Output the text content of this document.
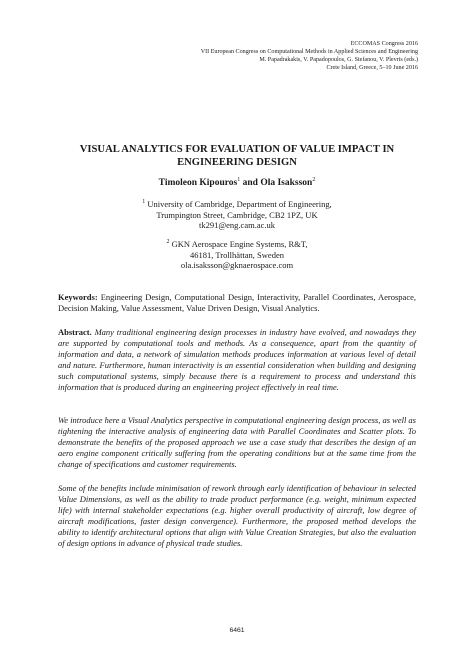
ECCOMAS Congress 2016
VII European Congress on Computational Methods in Applied Sciences and Engineering
M. Papadrakakis, V. Papadopoulos, G. Stefanou, V. Plevris (eds.)
Crete Island, Greece, 5–10 June 2016
VISUAL ANALYTICS FOR EVALUATION OF VALUE IMPACT IN
ENGINEERING DESIGN
Timoleon Kipouros$^1$ and Ola Isaksson$^2$
$^1$ University of Cambridge, Department of Engineering,
Trumpington Street, Cambridge, CB2 1PZ, UK
tk291@eng.cam.ac.uk
$^2$ GKN Aerospace Engine Systems, R&T,
46181, Trollhättan, Sweden
ola.isaksson@gknaerospace.com
Keywords: Engineering Design, Computational Design, Interactivity, Parallel Coordinates, Aerospace, Decision Making, Value Assessment, Value Driven Design, Visual Analytics.
Abstract. Many traditional engineering design processes in industry have evolved, and nowadays they are supported by computational tools and methods. As a consequence, apart from the quantity of information and data, a network of simulation methods produces information at various level of detail and nature. Furthermore, human interactivity is an essential consideration when building and designing such computational systems, simply because there is a requirement to process and understand this information that is produced during an engineering project effectively in real time.
We introduce here a Visual Analytics perspective in computational engineering design process, as well as tightening the interactive analysis of engineering data with Parallel Coordinates and Scatter plots. To demonstrate the benefits of the proposed approach we use a case study that describes the design of an aero engine component critically suffering from the operating conditions but at the same time from the change of specifications and customer requirements.
Some of the benefits include minimisation of rework through early identification of behaviour in selected Value Dimensions, as well as the ability to trade product performance (e.g. weight, minimum expected life) with internal stakeholder expectations (e.g. higher overall productivity of aircraft, low degree of aircraft modifications, faster design convergence). Furthermore, the proposed method develops the ability to identify architectural options that align with Value Creation Strategies, but also the evaluation of design options in advance of physical trade studies.
6461
